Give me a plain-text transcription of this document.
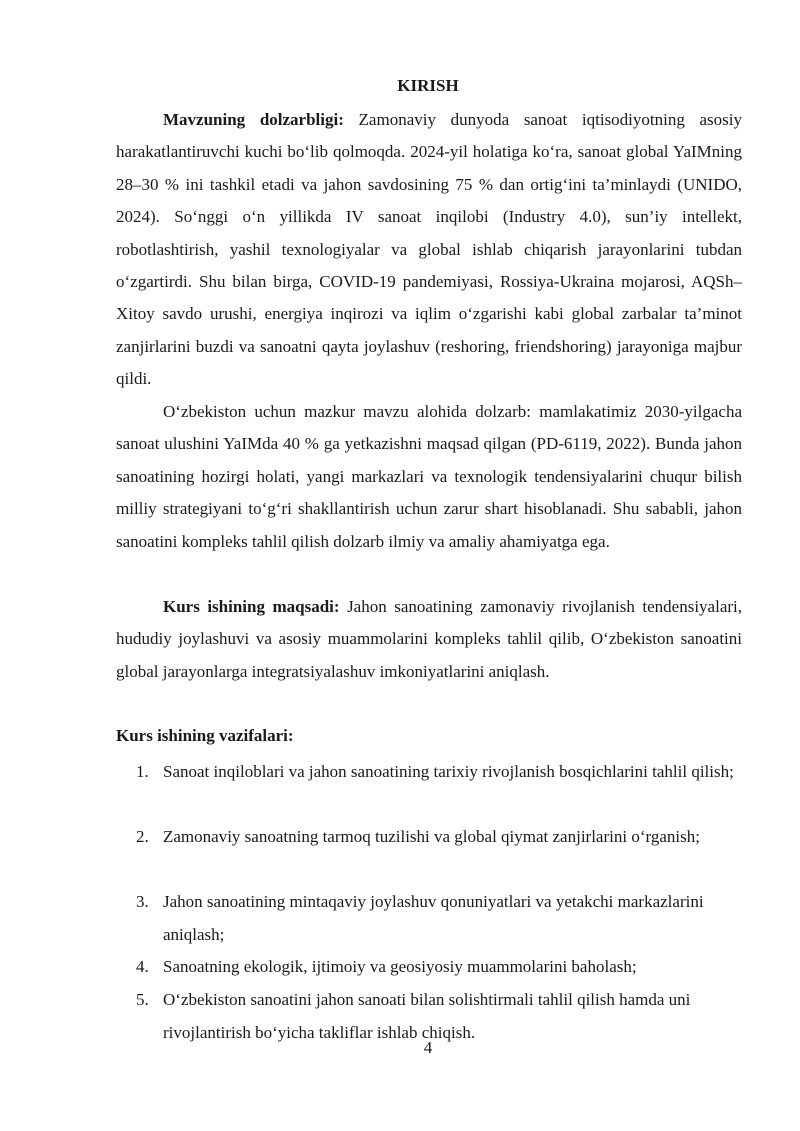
KIRISH

Mavzuning dolzarbligi: Zamonaviy dunyoda sanoat iqtisodiyotning asosiy harakatlantiruvchi kuchi bo‘lib qolmoqda. 2024-yil holatiga ko‘ra, sanoat global YaIMning 28–30 % ini tashkil etadi va jahon savdosining 75 % dan ortig‘ini ta’minlaydi (UNIDO, 2024). So‘nggi o‘n yillikda IV sanoat inqilobi (Industry 4.0), sun’iy intellekt, robotlashtirish, yashil texnologiyalar va global ishlab chiqarish jarayonlarini tubdan o‘zgartirdi. Shu bilan birga, COVID-19 pandemiyasi, Rossiya-Ukraina mojarosi, AQSh–Xitoy savdo urushi, energiya inqirozi va iqlim o‘zgarishi kabi global zarbalar ta’minot zanjirlarini buzdi va sanoatni qayta joylashuv (reshoring, friendshoring) jarayoniga majbur qildi.

O‘zbekiston uchun mazkur mavzu alohida dolzarb: mamlakatimiz 2030-yilgacha sanoat ulushini YaIMda 40 % ga yetkazishni maqsad qilgan (PD-6119, 2022). Bunda jahon sanoatining hozirgi holati, yangi markazlari va texnologik tendensiyalarini chuqur bilish milliy strategiyani to‘g‘ri shakllantirish uchun zarur shart hisoblanadi. Shu sababli, jahon sanoatini kompleks tahlil qilish dolzarb ilmiy va amaliy ahamiyatga ega.

Kurs ishining maqsadi: Jahon sanoatining zamonaviy rivojlanish tendensiyalari, hududiy joylashuvi va asosiy muammolarini kompleks tahlil qilib, O‘zbekiston sanoatini global jarayonlarga integratsiyalashuv imkoniyatlarini aniqlash.

Kurs ishining vazifalari:
1. Sanoat inqiloblari va jahon sanoatining tarixiy rivojlanish bosqichlarini tahlil qilish;
2. Zamonaviy sanoatning tarmoq tuzilishi va global qiymat zanjirlarini o‘rganish;
3. Jahon sanoatining mintaqaviy joylashuv qonuniyatlari va yetakchi markazlarini aniqlash;
4. Sanoatning ekologik, ijtimoiy va geosiyosiy muammolarini baholash;
5. O‘zbekiston sanoatini jahon sanoati bilan solishtirmali tahlil qilish hamda uni rivojlantirish bo‘yicha takliflar ishlab chiqish.
4
